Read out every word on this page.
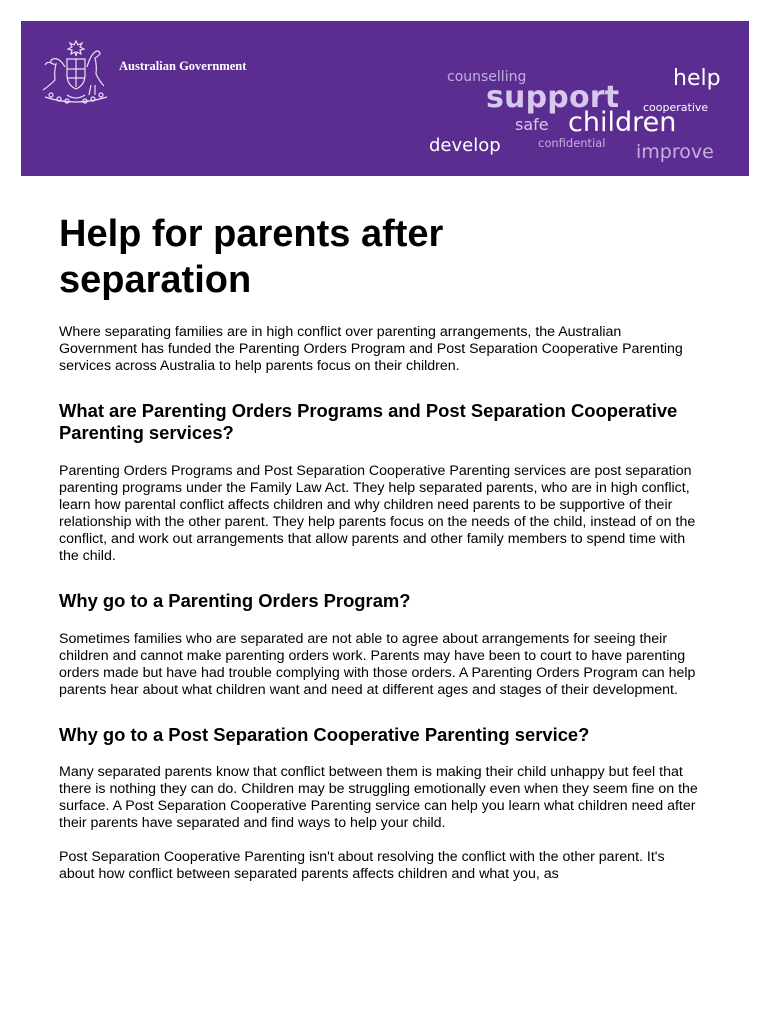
Australian Government
counselling	help
support cooperative
safe children
develop	confidential improve
Help for parents after separation

Where separating families are in high conflict over parenting arrangements, the Australian Government has funded the Parenting Orders Program and Post Separation Cooperative Parenting services across Australia to help parents focus on their children.

What are Parenting Orders Programs and Post Separation Cooperative Parenting services?

Parenting Orders Programs and Post Separation Cooperative Parenting services are post separation parenting programs under the Family Law Act. They help separated parents, who are in high conflict, learn how parental conflict affects children and why children need parents to be supportive of their relationship with the other parent. They help parents focus on the needs of the child, instead of on the conflict, and work out arrangements that allow parents and other family members to spend time with the child.

Why go to a Parenting Orders Program?

Sometimes families who are separated are not able to agree about arrangements for seeing their children and cannot make parenting orders work. Parents may have been to court to have parenting orders made but have had trouble complying with those orders. A Parenting Orders Program can help parents hear about what children want and need at different ages and stages of their development.

Why go to a Post Separation Cooperative Parenting service?

Many separated parents know that conflict between them is making their child unhappy but feel that there is nothing they can do. Children may be struggling emotionally even when they seem fine on the surface. A Post Separation Cooperative Parenting service can help you learn what children need after their parents have separated and find ways to help your child.

Post Separation Cooperative Parenting isn't about resolving the conflict with the other parent. It's about how conflict between separated parents affects children and what you, as
